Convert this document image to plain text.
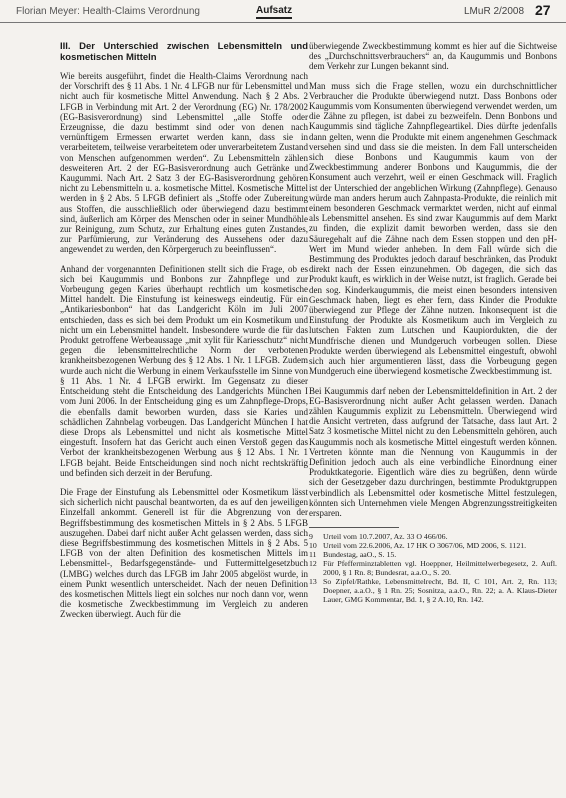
Florian Meyer: Health-Claims Verordnung	Aufsatz	LMuR 2/2008 27
III. Der Unterschied zwischen Lebensmitteln und kosmetischen Mitteln

Wie bereits ausgeführt, findet die Health-Claims Verordnung nach der Vorschrift des § 11 Abs. 1 Nr. 4 LFGB nur für Lebensmittel und nicht auch für kosmetische Mittel Anwendung. Nach § 2 Abs. 2 LFGB in Verbindung mit Art. 2 der Verordnung (EG) Nr. 178/2002 (EG-Basisverordnung) sind Lebensmittel „alle Stoffe oder Erzeugnisse, die dazu bestimmt sind oder von denen nach vernünftigem Ermessen erwartet werden kann, dass sie in verarbeitetem, teilweise verarbeitetem oder unverarbeitetem Zustand von Menschen aufgenommen werden“. Zu Lebensmitteln zählen desweiteren Art. 2 der EG-Basisverordnung auch Getränke und Kaugummi. Nach Art. 2 Satz 3 der EG-Basisverordnung gehören nicht zu Lebensmitteln u. a. kosmetische Mittel. Kosmetische Mittel werden in § 2 Abs. 5 LFGB definiert als „Stoffe oder Zubereitung aus Stoffen, die ausschließlich oder überwiegend dazu bestimmt sind, äußerlich am Körper des Menschen oder in seiner Mundhöhle zur Reinigung, zum Schutz, zur Erhaltung eines guten Zustandes, zur Parfümierung, zur Veränderung des Aussehens oder dazu angewendet zu werden, den Körpergeruch zu beeinflussen“.

Anhand der vorgenannten Definitionen stellt sich die Frage, ob es sich bei Kaugummis und Bonbons zur Zahnpflege und zur Vorbeugung gegen Karies überhaupt rechtlich um kosmetische Mittel handelt. Die Einstufung ist keineswegs eindeutig. Für ein „Antikariesbonbon“ hat das Landgericht Köln im Juli 2007 entschieden, dass es sich bei dem Produkt um ein Kosmetikum und nicht um ein Lebensmittel handelt. Insbesondere wurde die für das Produkt getroffene Werbeaussage „mit xylit für Kariesschutz“ nicht gegen die lebensmittelrechtliche Norm der verbotenen krankheitsbezogenen Werbung des § 12 Abs. 1 Nr. 1 LFGB. Zudem wurde auch nicht die Werbung in einem Verkaufsstelle im Sinne von § 11 Abs. 1 Nr. 4 LFGB erwirkt. Im Gegensatz zu dieser Entscheidung steht die Entscheidung des Landgerichts München I vom Juni 2006. In der Entscheidung ging es um Zahnpflege-Drops, die ebenfalls damit beworben wurden, dass sie Karies und schädlichen Zahnbelag vorbeugen. Das Landgericht München I hat diese Drops als Lebensmittel und nicht als kosmetische Mittel eingestuft. Insofern hat das Gericht auch einen Verstoß gegen das Verbot der krankheitsbezogenen Werbung aus § 12 Abs. 1 Nr. 1 LFGB bejaht. Beide Entscheidungen sind noch nicht rechtskräftig und befinden sich derzeit in der Berufung.

Die Frage der Einstufung als Lebensmittel oder Kosmetikum lässt sich sicherlich nicht pauschal beantworten, da es auf den jeweiligen Einzelfall ankommt. Generell ist für die Abgrenzung von der Begriffsbestimmung des kosmetischen Mittels in § 2 Abs. 5 LFGB auszugehen. Dabei darf nicht außer Acht gelassen werden, dass sich diese Begriffsbestimmung des kosmetischen Mittels in § 2 Abs. 5 LFGB von der alten Definition des kosmetischen Mittels im Lebensmittel-, Bedarfsgegenstände- und Futtermittelgesetzbuch (LMBG) welches durch das LFGB im Jahr 2005 abgelöst wurde, in einem Punkt wesentlich unterscheidet. Nach der neuen Definition des kosmetischen Mittels liegt ein solches nur noch dann vor, wenn die kosmetische Zweckbestimmung im Vergleich zu anderen Zwecken überwiegt. Auch für die

überwiegende Zweckbestimmung kommt es hier auf die Sichtweise des „Durchschnittsverbrauchers“ an, da Kaugummis und Bonbons dem Verkehr zur Lungen bekannt sind.

Man muss sich die Frage stellen, wozu ein durchschnittlicher Verbraucher die Produkte überwiegend nutzt. Dass Bonbons oder Kaugummis vom Konsumenten überwiegend verwendet werden, um die Zähne zu pflegen, ist dabei zu bezweifeln. Denn Bonbons und Kaugummis sind tägliche Zahnpflegeartikel. Dies dürfte jedenfalls dann gelten, wenn die Produkte mit einem angenehmen Geschmack versehen sind und dass sie die meisten. In dem Fall unterscheiden sich diese Bonbons und Kaugummis kaum von der Zweckbestimmung anderer Bonbons und Kaugummis, die der Konsument auch verzehrt, weil er einen Geschmack will. Fraglich ist der Unterschied der angeblichen Wirkung (Zahnpflege). Genauso würde man anders herum auch Zahnpasta-Produkte, die reinlich mit einem besonderen Geschmack vermarktet werden, nicht auf einmal als Lebensmittel ansehen. Es sind zwar Kaugummis auf dem Markt zu finden, die explizit damit beworben werden, dass sie den Säuregehalt auf die Zähne nach dem Essen stoppen und den pH-Wert im Mund wieder anheben. In dem Fall würde sich die Bestimmung des Produktes jedoch darauf beschränken, das Produkt direkt nach der Essen einzunehmen. Ob dagegen, die sich das Produkt kauft, es wirklich in der Weise nutzt, ist fraglich. Gerade bei den sog. Kinderkaugummis, die meist einen besonders intensiven Geschmack haben, liegt es eher fern, dass Kinder die Produkte überwiegend zur Pflege der Zähne nutzen. Inkonsequent ist die Einstufung der Produkte als Kosmetikum auch im Vergleich zu lutschen Fakten zum Lutschen und Kaupiordukten, die der Mundfrische dienen und Mundgeruch vorbeugen sollen. Diese Produkte werden überwiegend als Lebensmittel eingestuft, obwohl sich auch hier argumentieren lässt, dass die Vorbeugung gegen Mundgeruch eine überwiegend kosmetische Zweckbestimmung ist.

Bei Kaugummis darf neben der Lebensmitteldefinition in Art. 2 der EG-Basisverordnung nicht außer Acht gelassen werden. Danach zählen Kaugummis explizit zu Lebensmitteln. Überwiegend wird die Ansicht vertreten, dass aufgrund der Tatsache, dass laut Art. 2 Satz 3 kosmetische Mittel nicht zu den Lebensmitteln gehören, auch Kaugummis noch als kosmetische Mittel eingestuft werden können. Vertreten könnte man die Nennung von Kaugummis in der Definition jedoch auch als eine verbindliche Einordnung einer Produktkategorie. Eigentlich wäre dies zu begrüßen, denn würde sich der Gesetzgeber dazu durchringen, bestimmte Produktgruppen verbindlich als Lebensmittel oder kosmetische Mittel festzulegen, könnten sich Unternehmen viele Mengen Abgrenzungsstreitigkeiten ersparen.

9	Urteil vom 10.7.2007, Az. 33 O 466/06.
10 Urteil vom 22.6.2006, Az. 17 HK O 3067/06, MD 2006, S. 1121.
11 Bundestag, aaO., S. 15.
12 Für Pfefferminztabletten vgl. Hoeppner, Heilmittelwerbegesetz, 2. Aufl. 2000, § 1 Rn. 8; Bundesrat, a.a.O., S. 20.
13 So Zipfel/Rathke, Lebensmittelrecht, Bd. II, C 101, Art. 2, Rn. 113; Doepner, a.a.O., § 1 Rn. 25; Sosnitza, a.a.O., Rn. 22; a. A. Klaus-Dieter Lauer, GMG Kommentar, Bd. 1, § 2 A.10, Rn. 142.
